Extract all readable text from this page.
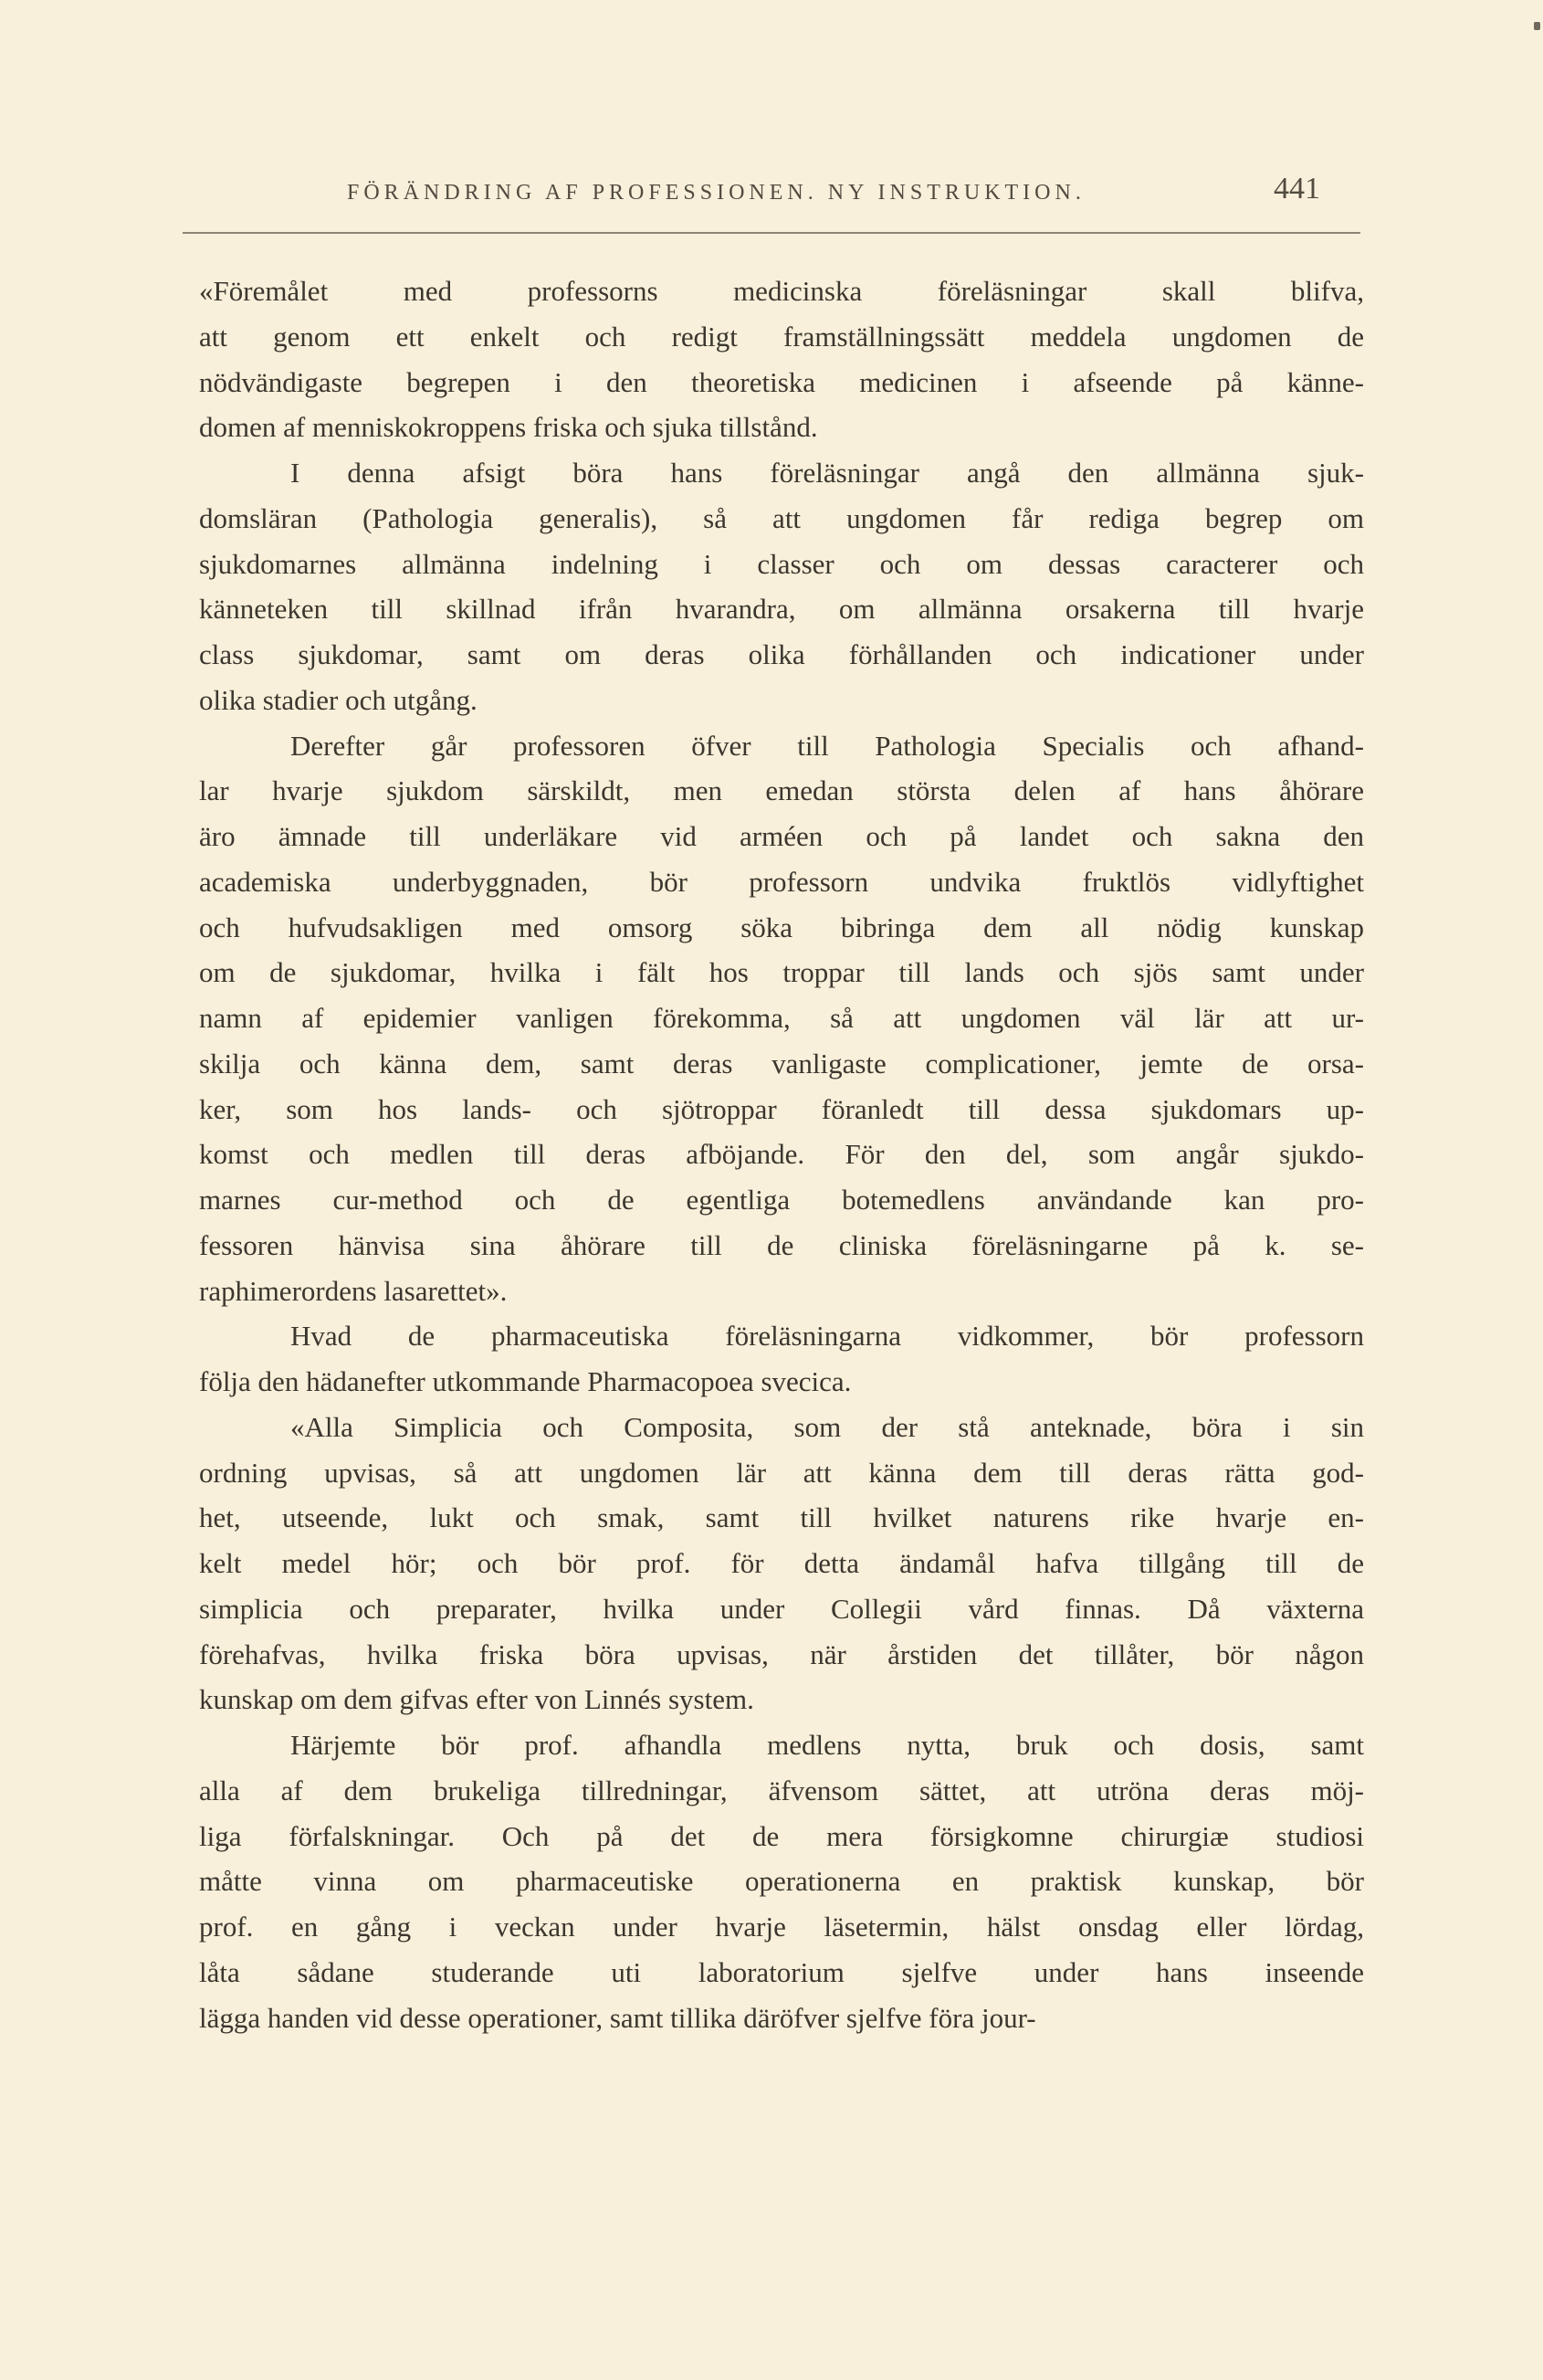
FÖRÄNDRING AF PROFESSIONEN. NY INSTRUKTION.	441
«Föremålet med professorns medicinska föreläsningar skall blifva,
att genom ett enkelt och redigt framställningssätt meddela ungdomen de
nödvändigaste begrepen i den theoretiska medicinen i afseende på känne-
domen af menniskokroppens friska och sjuka tillstånd.
I denna afsigt böra hans föreläsningar angå den allmänna sjuk-
domsläran (Pathologia generalis), så att ungdomen får rediga begrep om
sjukdomarnes allmänna indelning i classer och om dessas caracterer och
känneteken till skillnad ifrån hvarandra, om allmänna orsakerna till hvarje
class sjukdomar, samt om deras olika förhållanden och indicationer under
olika stadier och utgång.
Derefter går professoren öfver till Pathologia Specialis och afhand-
lar hvarje sjukdom särskildt, men emedan största delen af hans åhörare
äro ämnade till underläkare vid arméen och på landet och sakna den
academiska underbyggnaden, bör professorn undvika fruktlös vidlyftighet
och hufvudsakligen med omsorg söka bibringa dem all nödig kunskap
om de sjukdomar, hvilka i fält hos troppar till lands och sjös samt under
namn af epidemier vanligen förekomma, så att ungdomen väl lär att ur-
skilja och känna dem, samt deras vanligaste complicationer, jemte de orsa-
ker, som hos lands- och sjötroppar föranledt till dessa sjukdomars up-
komst och medlen till deras afböjande. För den del, som angår sjukdo-
marnes cur-method och de egentliga botemedlens användande kan pro-
fessoren hänvisa sina åhörare till de cliniska föreläsningarne på k. se-
raphimerordens lasarettet».
Hvad de pharmaceutiska föreläsningarna vidkommer, bör professorn
följa den hädanefter utkommande Pharmacopoea svecica.
«Alla Simplicia och Composita, som der stå anteknade, böra i sin
ordning upvisas, så att ungdomen lär att känna dem till deras rätta god-
het, utseende, lukt och smak, samt till hvilket naturens rike hvarje en-
kelt medel hör; och bör prof. för detta ändamål hafva tillgång till de
simplicia och preparater, hvilka under Collegii vård finnas. Då växterna
förehafvas, hvilka friska böra upvisas, när årstiden det tillåter, bör någon
kunskap om dem gifvas efter von Linnés system.
Härjemte bör prof. afhandla medlens nytta, bruk och dosis, samt
alla af dem brukeliga tillredningar, äfvensom sättet, att utröna deras möj-
liga förfalskningar. Och på det de mera försigkomne chirurgiæ studiosi
måtte vinna om pharmaceutiske operationerna en praktisk kunskap, bör
prof. en gång i veckan under hvarje läsetermin, hälst onsdag eller lördag,
låta sådane studerande uti laboratorium sjelfve under hans inseende
lägga handen vid desse operationer, samt tillika däröfver sjelfve föra jour-
